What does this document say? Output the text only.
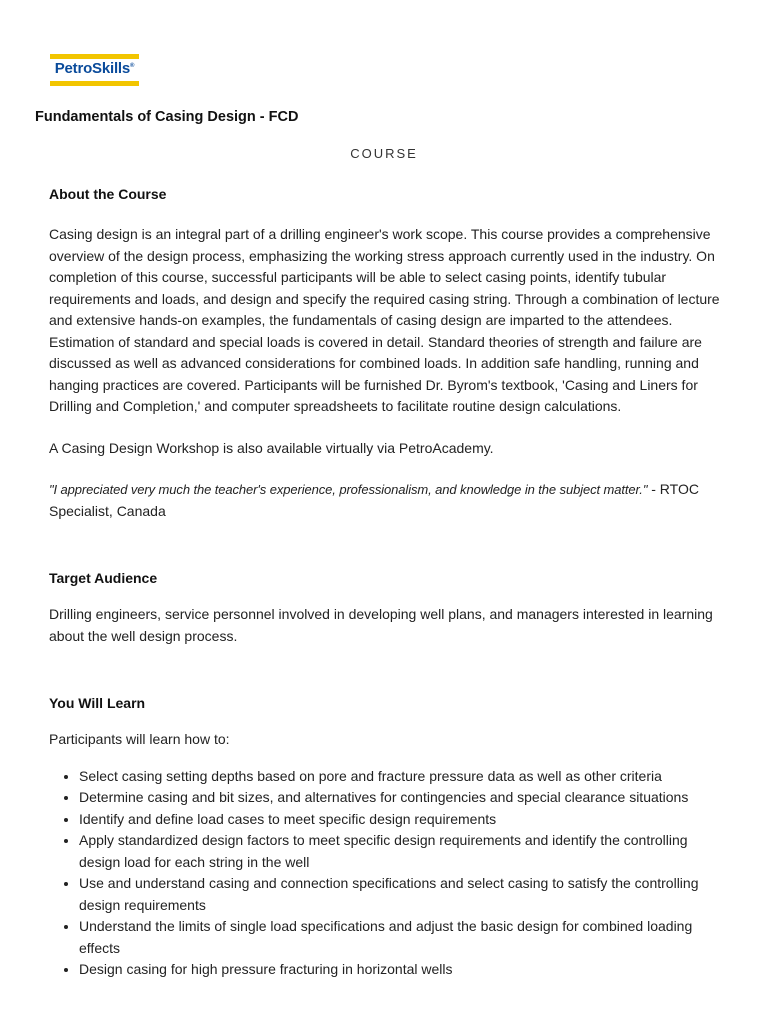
PetroSkills®
Fundamentals of Casing Design - FCD
COURSE
About the Course

Casing design is an integral part of a drilling engineer's work scope. This course provides a comprehensive overview of the design process, emphasizing the working stress approach currently used in the industry. On completion of this course, successful participants will be able to select casing points, identify tubular requirements and loads, and design and specify the required casing string. Through a combination of lecture and extensive hands-on examples, the fundamentals of casing design are imparted to the attendees. Estimation of standard and special loads is covered in detail. Standard theories of strength and failure are discussed as well as advanced considerations for combined loads. In addition safe handling, running and hanging practices are covered. Participants will be furnished Dr. Byrom's textbook, 'Casing and Liners for Drilling and Completion,' and computer spreadsheets to facilitate routine design calculations.

A Casing Design Workshop is also available virtually via PetroAcademy.

"I appreciated very much the teacher's experience, professionalism, and knowledge in the subject matter." - RTOC Specialist, Canada

Target Audience

Drilling engineers, service personnel involved in developing well plans, and managers interested in learning about the well design process.

You Will Learn

Participants will learn how to:

• Select casing setting depths based on pore and fracture pressure data as well as other criteria
• Determine casing and bit sizes, and alternatives for contingencies and special clearance situations
• Identify and define load cases to meet specific design requirements
• Apply standardized design factors to meet specific design requirements and identify the controlling design load for each string in the well
• Use and understand casing and connection specifications and select casing to satisfy the controlling design requirements
• Understand the limits of single load specifications and adjust the basic design for combined loading effects
• Design casing for high pressure fracturing in horizontal wells
